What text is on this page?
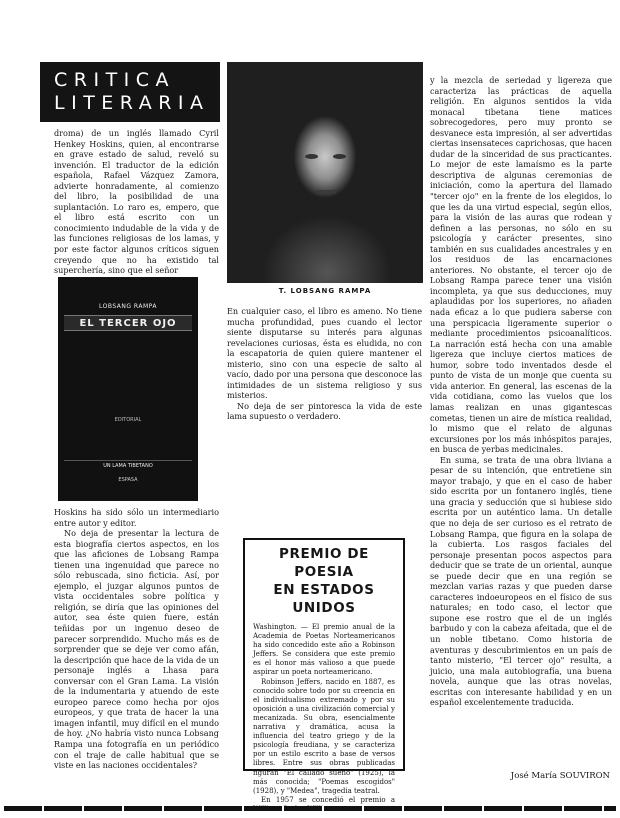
CRITICA
LITERARIA

droma) de un inglés llamado Cyril Henkey Hoskins, quien, al encontrarse en grave estado de salud, reveló su invención. El traductor de la edición española, Rafael Vázquez Zamora, advierte honradamente, al comienzo del libro, la posibilidad de una suplantación. Lo raro es, empero, que el libro está escrito con un conocimiento indudable de la vida y de las funciones religiosas de los lamas, y por este factor algunos críticos siguen creyendo que no ha existido tal superchería, sino que el señor

LOBSANG RAMPA
EL TERCER OJO
EDITORIAL
UN LAMA TIBETANO
ESPASA

Hoskins ha sido sólo un intermediario entre autor y editor.

No deja de presentar la lectura de esta biografía ciertos aspectos, en los que las aficiones de Lobsang Rampa tienen una ingenuidad que parece no sólo rebuscada, sino ficticia. Así, por ejemplo, el juzgar algunos puntos de vista occidentales sobre política y religión, se diría que las opiniones del autor, sea éste quien fuere, están teñidas por un ingenuo deseo de parecer sorprendido. Mucho más es de sorprender que se deje ver como afán, la descripción que hace de la vida de un personaje inglés a Lhasa para conversar con el Gran Lama. La visión de la indumentaria y atuendo de este europeo parece como hecha por ojos europeos, y que trata de hacer la una imagen infantil, muy difícil en el mundo de hoy. ¿No habría visto nunca Lobsang Rampa una fotografía en un periódico con el traje de calle habitual que se viste en las naciones occidentales?

T. LOBSANG RAMPA

En cualquier caso, el libro es ameno. No tiene mucha profundidad, pues cuando el lector siente disputarse su interés para algunas revelaciones curiosas, ésta es eludida, no con la escapatoria de quien quiere mantener el misterio, sino con una especie de salto al vacío, dado por una persona que desconoce las intimidades de un sistema religioso y sus misterios.

No deja de ser pintoresca la vida de este lama supuesto o verdadero.

PREMIO DE POESIA
EN ESTADOS UNIDOS

Washington. — El premio anual de la Academia de Poetas Norteamericanos ha sido concedido este año a Robinson Jeffers. Se considera que este premio es el honor más valioso a que puede aspirar un poeta norteamericano.

Robinson Jeffers, nacido en 1887, es conocido sobre todo por su creencia en el individualismo extremado y por su oposición a una civilización comercial y mecanizada. Su obra, esencialmente narrativa y dramática, acusa la influencia del teatro griego y de la psicología freudiana, y se caracteriza por un estilo escrito a base de versos libres. Entre sus obras publicadas figuran "El callado sueño" (1925), la más conocida; "Poemas escogidos" (1928), y "Medea", tragedia teatral.

En 1957 se concedió el premio a

y la mezcla de seriedad y ligereza que caracteriza las prácticas de aquella religión. En algunos sentidos la vida monacal tibetana tiene matices sobrecogedores, pero muy pronto se desvanece esta impresión, al ser advertidas ciertas insensateces caprichosas, que hacen dudar de la sinceridad de sus practicantes. Lo mejor de este lamaísmo es la parte descriptiva de algunas ceremonias de iniciación, como la apertura del llamado "tercer ojo" en la frente de los elegidos, lo que les da una virtud especial, según ellos, para la visión de las auras que rodean y definen a las personas, no sólo en su psicología y carácter presentes, sino también en sus cualidades ancestrales y en los residuos de las encarnaciones anteriores. No obstante, el tercer ojo de Lobsang Rampa parece tener una visión incompleta, ya que sus deducciones, muy aplaudidas por los superiores, no añaden nada eficaz a lo que pudiera saberse con una perspicacia ligeramente superior o mediante procedimientos psicoanalíticos. La narración está hecha con una amable ligereza que incluye ciertos matices de humor, sobre todo inventados desde el punto de vista de un monje que cuenta su vida anterior. En general, las escenas de la vida cotidiana, como las vuelos que los lamas realizan en unas gigantescas cometas, tienen un aire de mística realidad, lo mismo que el relato de algunas excursiones por los más inhóspitos parajes, en busca de yerbas medicinales.

En suma, se trata de una obra liviana a pesar de su intención, que entretiene sin mayor trabajo, y que en el caso de haber sido escrita por un fontanero inglés, tiene una gracia y seducción que si hubiese sido escrita por un auténtico lama. Un detalle que no deja de ser curioso es el retrato de Lobsang Rampa, que figura en la solapa de la cubierta. Los rasgos faciales del personaje presentan pocos aspectos para deducir que se trate de un oriental, aunque se puede decir que en una región se mezclan varias razas y que pueden darse caracteres indoeuropeos en el físico de sus naturales; en todo caso, el lector que supone ese rostro que el de un inglés barbudo y con la cabeza afeitada, que el de un noble tibetano. Como historia de aventuras y descubrimientos en un país de tanto misterio, "El tercer ojo" resulta, a juicio, una mala autobiografía, una buena novela, aunque que las otras novelas, escritas con interesante habilidad y en un español excelentemente traducida.

José María SOUVIRON
